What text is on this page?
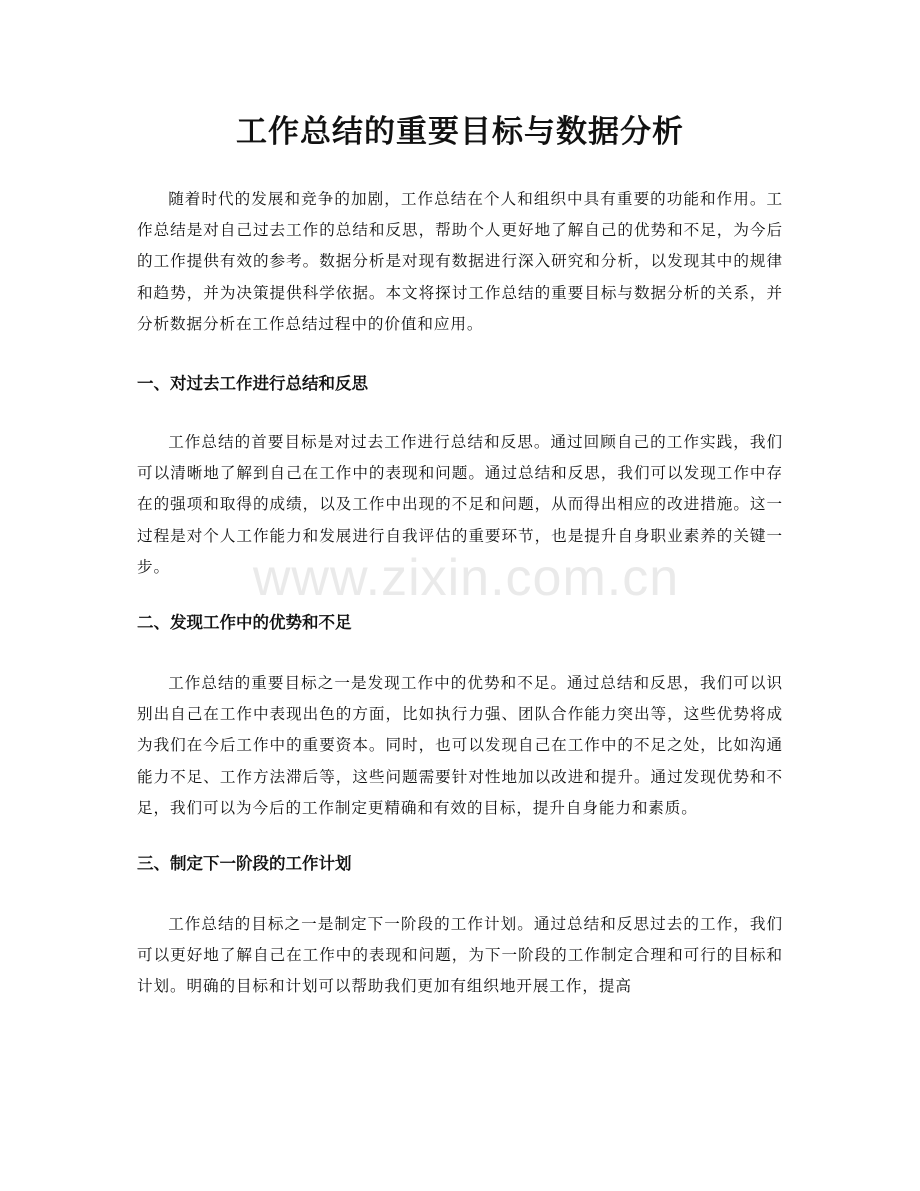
工作总结的重要目标与数据分析

随着时代的发展和竞争的加剧，工作总结在个人和组织中具有重要的功能和作用。工作总结是对自己过去工作的总结和反思，帮助个人更好地了解自己的优势和不足，为今后的工作提供有效的参考。数据分析是对现有数据进行深入研究和分析，以发现其中的规律和趋势，并为决策提供科学依据。本文将探讨工作总结的重要目标与数据分析的关系，并分析数据分析在工作总结过程中的价值和应用。

一、对过去工作进行总结和反思

工作总结的首要目标是对过去工作进行总结和反思。通过回顾自己的工作实践，我们可以清晰地了解到自己在工作中的表现和问题。通过总结和反思，我们可以发现工作中存在的强项和取得的成绩，以及工作中出现的不足和问题，从而得出相应的改进措施。这一过程是对个人工作能力和发展进行自我评估的重要环节，也是提升自身职业素养的关键一步。

二、发现工作中的优势和不足

工作总结的重要目标之一是发现工作中的优势和不足。通过总结和反思，我们可以识别出自己在工作中表现出色的方面，比如执行力强、团队合作能力突出等，这些优势将成为我们在今后工作中的重要资本。同时，也可以发现自己在工作中的不足之处，比如沟通能力不足、工作方法滞后等，这些问题需要针对性地加以改进和提升。通过发现优势和不足，我们可以为今后的工作制定更精确和有效的目标，提升自身能力和素质。

三、制定下一阶段的工作计划

工作总结的目标之一是制定下一阶段的工作计划。通过总结和反思过去的工作，我们可以更好地了解自己在工作中的表现和问题，为下一阶段的工作制定合理和可行的目标和计划。明确的目标和计划可以帮助我们更加有组织地开展工作，提高

www.zixin.com.cn
